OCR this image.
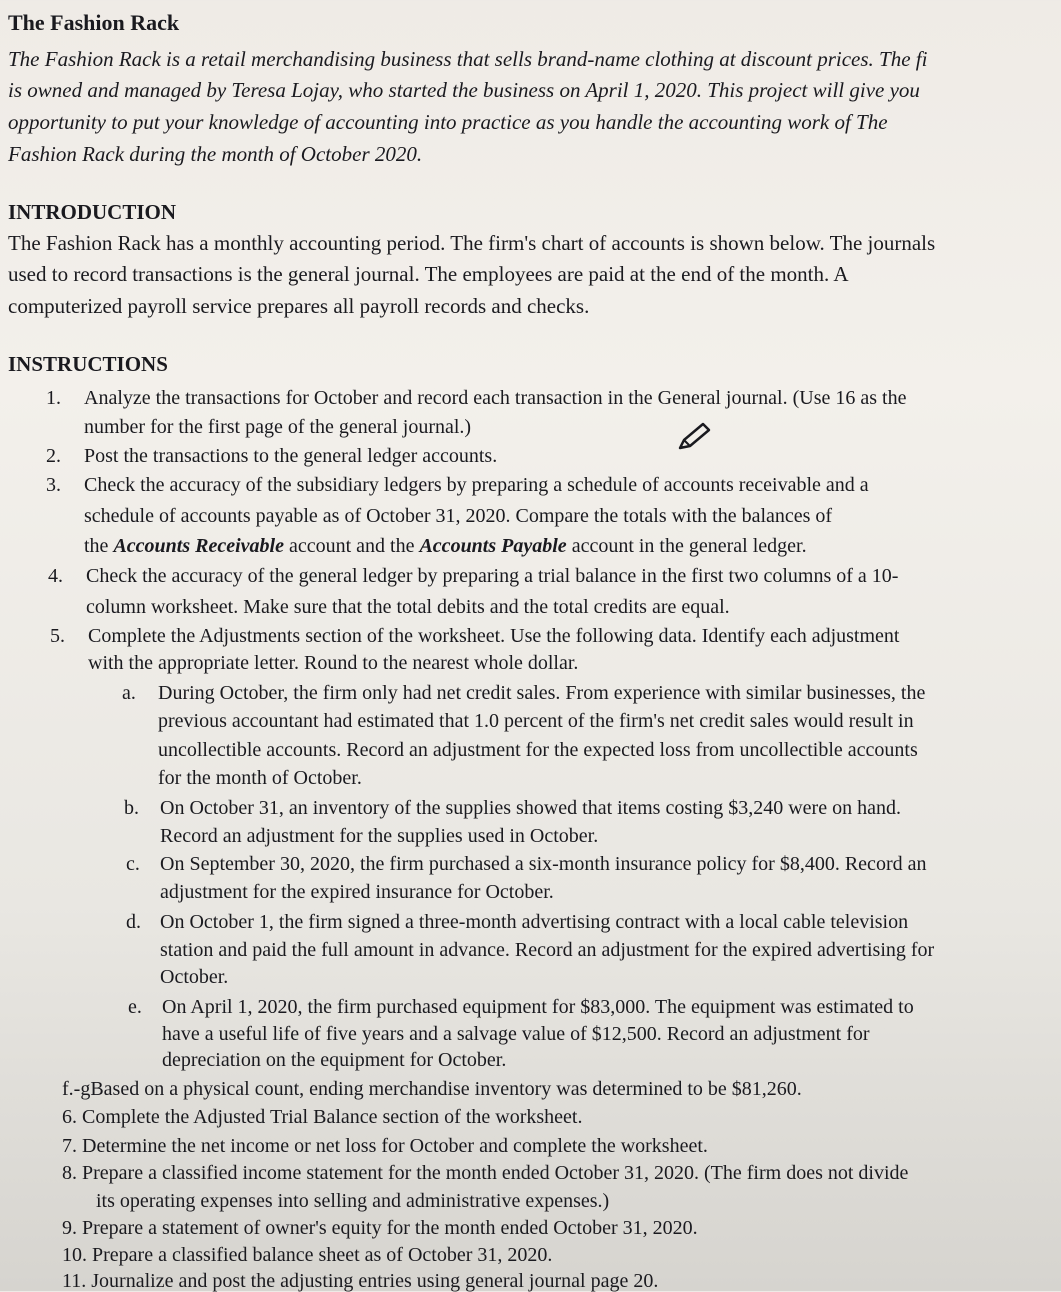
The Fashion Rack
The Fashion Rack is a retail merchandising business that sells brand-name clothing at discount prices. The fi
is owned and managed by Teresa Lojay, who started the business on April 1, 2020. This project will give you
opportunity to put your knowledge of accounting into practice as you handle the accounting work of The
Fashion Rack during the month of October 2020.
INTRODUCTION
The Fashion Rack has a monthly accounting period. The firm's chart of accounts is shown below. The journals
used to record transactions is the general journal. The employees are paid at the end of the month. A
computerized payroll service prepares all payroll records and checks.
INSTRUCTIONS
1. Analyze the transactions for October and record each transaction in the General journal. (Use 16 as the
number for the first page of the general journal.)
2. Post the transactions to the general ledger accounts.
3. Check the accuracy of the subsidiary ledgers by preparing a schedule of accounts receivable and a
schedule of accounts payable as of October 31, 2020. Compare the totals with the balances of
the Accounts Receivable account and the Accounts Payable account in the general ledger.
4. Check the accuracy of the general ledger by preparing a trial balance in the first two columns of a 10-
column worksheet. Make sure that the total debits and the total credits are equal.
5. Complete the Adjustments section of the worksheet. Use the following data. Identify each adjustment
with the appropriate letter. Round to the nearest whole dollar.
a. During October, the firm only had net credit sales. From experience with similar businesses, the
previous accountant had estimated that 1.0 percent of the firm's net credit sales would result in
uncollectible accounts. Record an adjustment for the expected loss from uncollectible accounts
for the month of October.
b. On October 31, an inventory of the supplies showed that items costing $3,240 were on hand.
Record an adjustment for the supplies used in October.
c. On September 30, 2020, the firm purchased a six-month insurance policy for $8,400. Record an
adjustment for the expired insurance for October.
d. On October 1, the firm signed a three-month advertising contract with a local cable television
station and paid the full amount in advance. Record an adjustment for the expired advertising for
October.
e. On April 1, 2020, the firm purchased equipment for $83,000. The equipment was estimated to
have a useful life of five years and a salvage value of $12,500. Record an adjustment for
depreciation on the equipment for October.
f.-gBased on a physical count, ending merchandise inventory was determined to be $81,260.
6. Complete the Adjusted Trial Balance section of the worksheet.
7. Determine the net income or net loss for October and complete the worksheet.
8. Prepare a classified income statement for the month ended October 31, 2020. (The firm does not divide
its operating expenses into selling and administrative expenses.)
9. Prepare a statement of owner's equity for the month ended October 31, 2020.
10. Prepare a classified balance sheet as of October 31, 2020.
11. Journalize and post the adjusting entries using general journal page 20.
